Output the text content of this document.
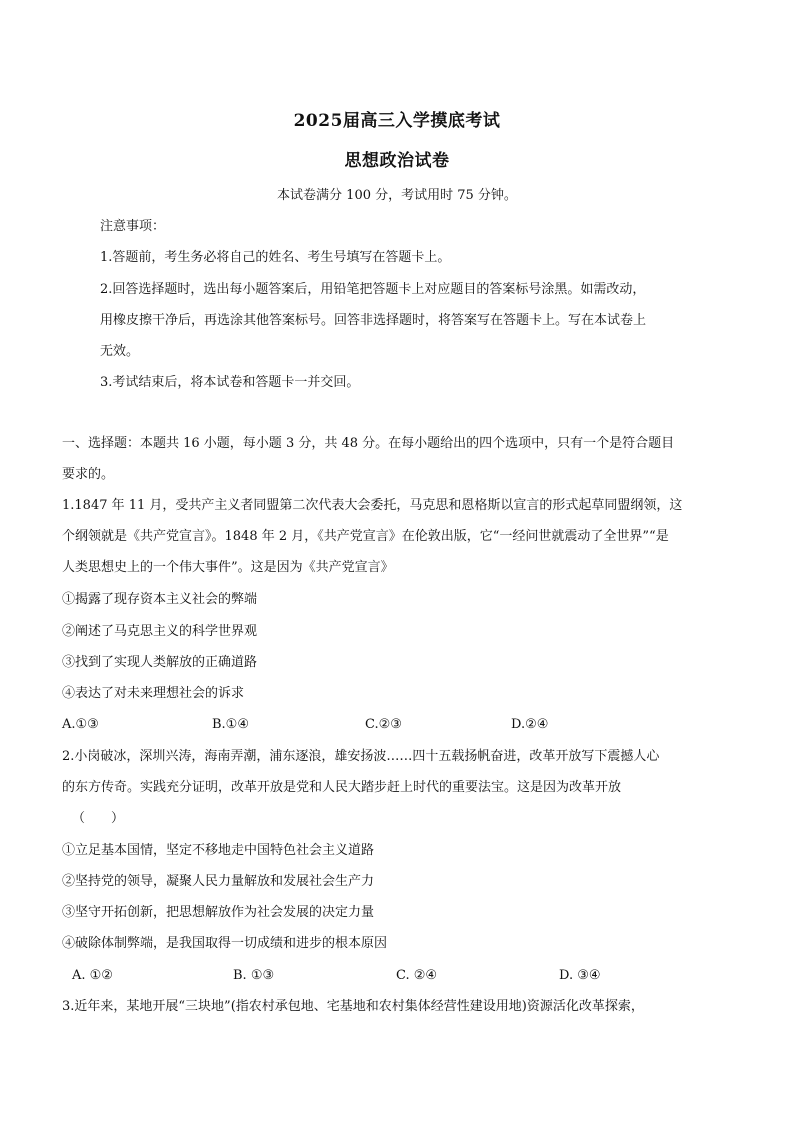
2025届高三入学摸底考试
思想政治试卷
本试卷满分 100 分，考试用时 75 分钟。
注意事项：
1.答题前，考生务必将自己的姓名、考生号填写在答题卡上。
2.回答选择题时，选出每小题答案后，用铅笔把答题卡上对应题目的答案标号涂黑。如需改动，
用橡皮擦干净后，再选涂其他答案标号。回答非选择题时，将答案写在答题卡上。写在本试卷上
无效。
3.考试结束后，将本试卷和答题卡一并交回。
一、选择题：本题共 16 小题，每小题 3 分，共 48 分。在每小题给出的四个选项中，只有一个是符合题目
要求的。
1.1847 年 11 月，受共产主义者同盟第二次代表大会委托，马克思和恩格斯以宣言的形式起草同盟纲领，这
个纲领就是《共产党宣言》。1848 年 2 月，《共产党宣言》在伦敦出版，它“一经问世就震动了全世界”“是
人类思想史上的一个伟大事件”。这是因为《共产党宣言》
①揭露了现存资本主义社会的弊端
②阐述了马克思主义的科学世界观
③找到了实现人类解放的正确道路
④表达了对未来理想社会的诉求
A.①③	B.①④	C.②③	D.②④
2.小岗破冰，深圳兴涛，海南弄潮，浦东逐浪，雄安扬波……四十五载扬帆奋进，改革开放写下震撼人心
的东方传奇。实践充分证明，改革开放是党和人民大踏步赶上时代的重要法宝。这是因为改革开放
（　　）
①立足基本国情，坚定不移地走中国特色社会主义道路
②坚持党的领导，凝聚人民力量解放和发展社会生产力
③坚守开拓创新，把思想解放作为社会发展的决定力量
④破除体制弊端，是我国取得一切成绩和进步的根本原因
A. ①②	B. ①③	C. ②④	D. ③④
3.近年来，某地开展“三块地”(指农村承包地、宅基地和农村集体经营性建设用地)资源活化改革探索，
